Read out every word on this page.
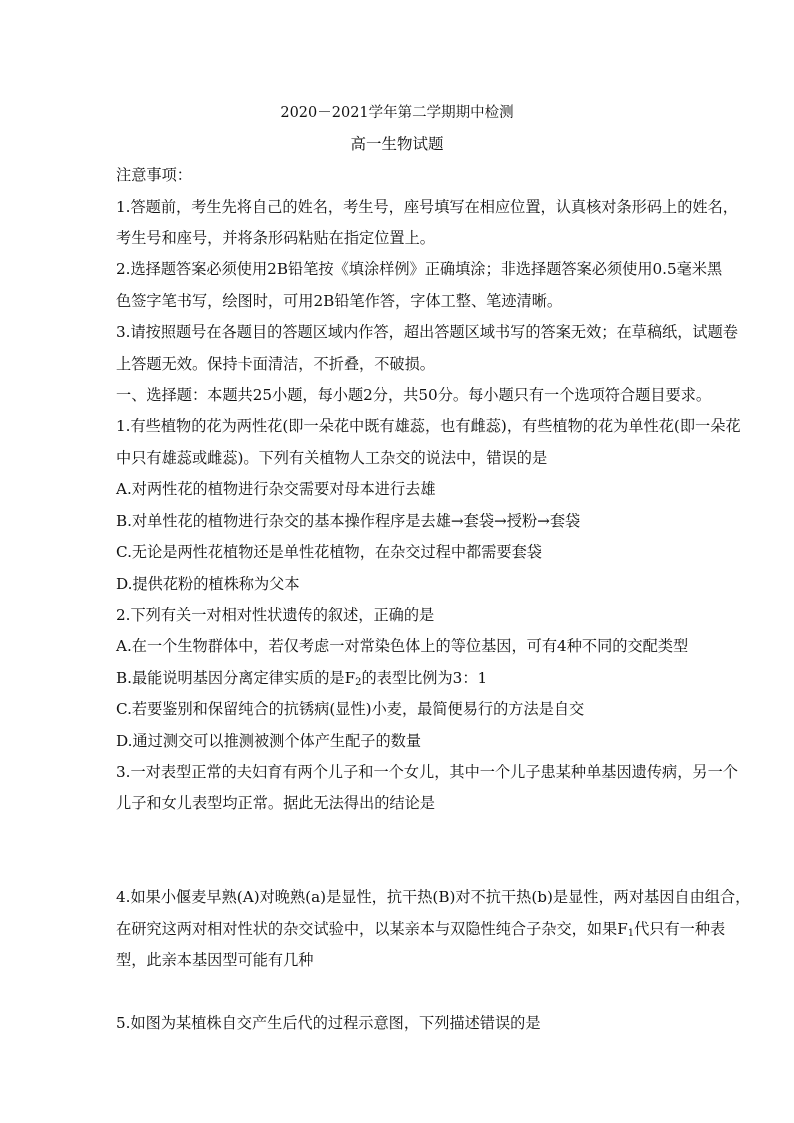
2020－2021学年第二学期期中检测
高一生物试题
注意事项：
1.答题前，考生先将自己的姓名，考生号，座号填写在相应位置，认真核对条形码上的姓名，
考生号和座号，并将条形码粘贴在指定位置上。
2.选择题答案必须使用2B铅笔按《填涂样例》正确填涂；非选择题答案必须使用0.5毫米黑
色签字笔书写，绘图时，可用2B铅笔作答，字体工整、笔迹清晰。
3.请按照题号在各题目的答题区域内作答，超出答题区域书写的答案无效；在草稿纸，试题卷
上答题无效。保持卡面清洁，不折叠，不破损。
一、选择题：本题共25小题，每小题2分，共50分。每小题只有一个选项符合题目要求。
1.有些植物的花为两性花(即一朵花中既有雄蕊，也有雌蕊)，有些植物的花为单性花(即一朵花
中只有雄蕊或雌蕊)。下列有关植物人工杂交的说法中，错误的是
A.对两性花的植物进行杂交需要对母本进行去雄
B.对单性花的植物进行杂交的基本操作程序是去雄→套袋→授粉→套袋
C.无论是两性花植物还是单性花植物，在杂交过程中都需要套袋
D.提供花粉的植株称为父本
2.下列有关一对相对性状遗传的叙述，正确的是
A.在一个生物群体中，若仅考虑一对常染色体上的等位基因，可有4种不同的交配类型
B.最能说明基因分离定律实质的是$F_2$的表型比例为3：1
C.若要鉴别和保留纯合的抗锈病(显性)小麦，最简便易行的方法是自交
D.通过测交可以推测被测个体产生配子的数量
3.一对表型正常的夫妇育有两个儿子和一个女儿，其中一个儿子患某种单基因遗传病，另一个
儿子和女儿表型均正常。据此无法得出的结论是
4.如果小偃麦早熟(A)对晚熟(a)是显性，抗干热(B)对不抗干热(b)是显性，两对基因自由组合，
在研究这两对相对性状的杂交试验中，以某亲本与双隐性纯合子杂交，如果$F_1$代只有一种表
型，此亲本基因型可能有几种
5.如图为某植株自交产生后代的过程示意图，下列描述错误的是
